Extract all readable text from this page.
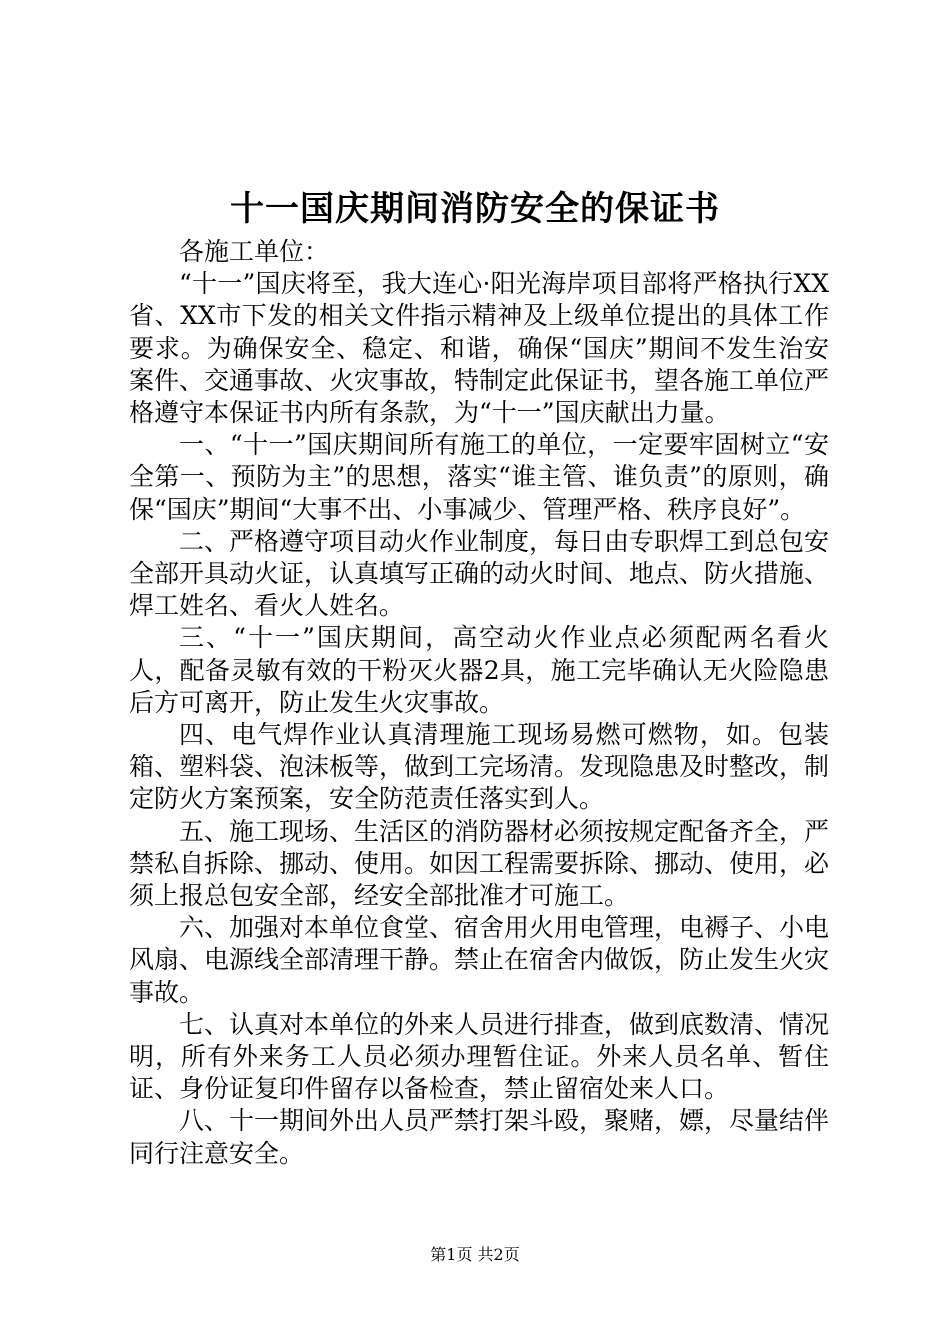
十一国庆期间消防安全的保证书

各施工单位：

“十一”国庆将至，我大连心·阳光海岸项目部将严格执行XX省、XX市下发的相关文件指示精神及上级单位提出的具体工作要求。为确保安全、稳定、和谐，确保“国庆”期间不发生治安案件、交通事故、火灾事故，特制定此保证书，望各施工单位严格遵守本保证书内所有条款，为“十一”国庆献出力量。

一、“十一”国庆期间所有施工的单位，一定要牢固树立“安全第一、预防为主”的思想，落实“谁主管、谁负责”的原则，确保“国庆”期间“大事不出、小事减少、管理严格、秩序良好”。

二、严格遵守项目动火作业制度，每日由专职焊工到总包安全部开具动火证，认真填写正确的动火时间、地点、防火措施、焊工姓名、看火人姓名。

三、“十一”国庆期间，高空动火作业点必须配两名看火人，配备灵敏有效的干粉灭火器2具，施工完毕确认无火险隐患后方可离开，防止发生火灾事故。

四、电气焊作业认真清理施工现场易燃可燃物，如。包装箱、塑料袋、泡沫板等，做到工完场清。发现隐患及时整改，制定防火方案预案，安全防范责任落实到人。

五、施工现场、生活区的消防器材必须按规定配备齐全，严禁私自拆除、挪动、使用。如因工程需要拆除、挪动、使用，必须上报总包安全部，经安全部批准才可施工。

六、加强对本单位食堂、宿舍用火用电管理，电褥子、小电风扇、电源线全部清理干静。禁止在宿舍内做饭，防止发生火灾事故。

七、认真对本单位的外来人员进行排查，做到底数清、情况明，所有外来务工人员必须办理暂住证。外来人员名单、暂住证、身份证复印件留存以备检查，禁止留宿处来人口。

八、十一期间外出人员严禁打架斗殴，聚赌，嫖，尽量结伴同行注意安全。

第1页 共2页
